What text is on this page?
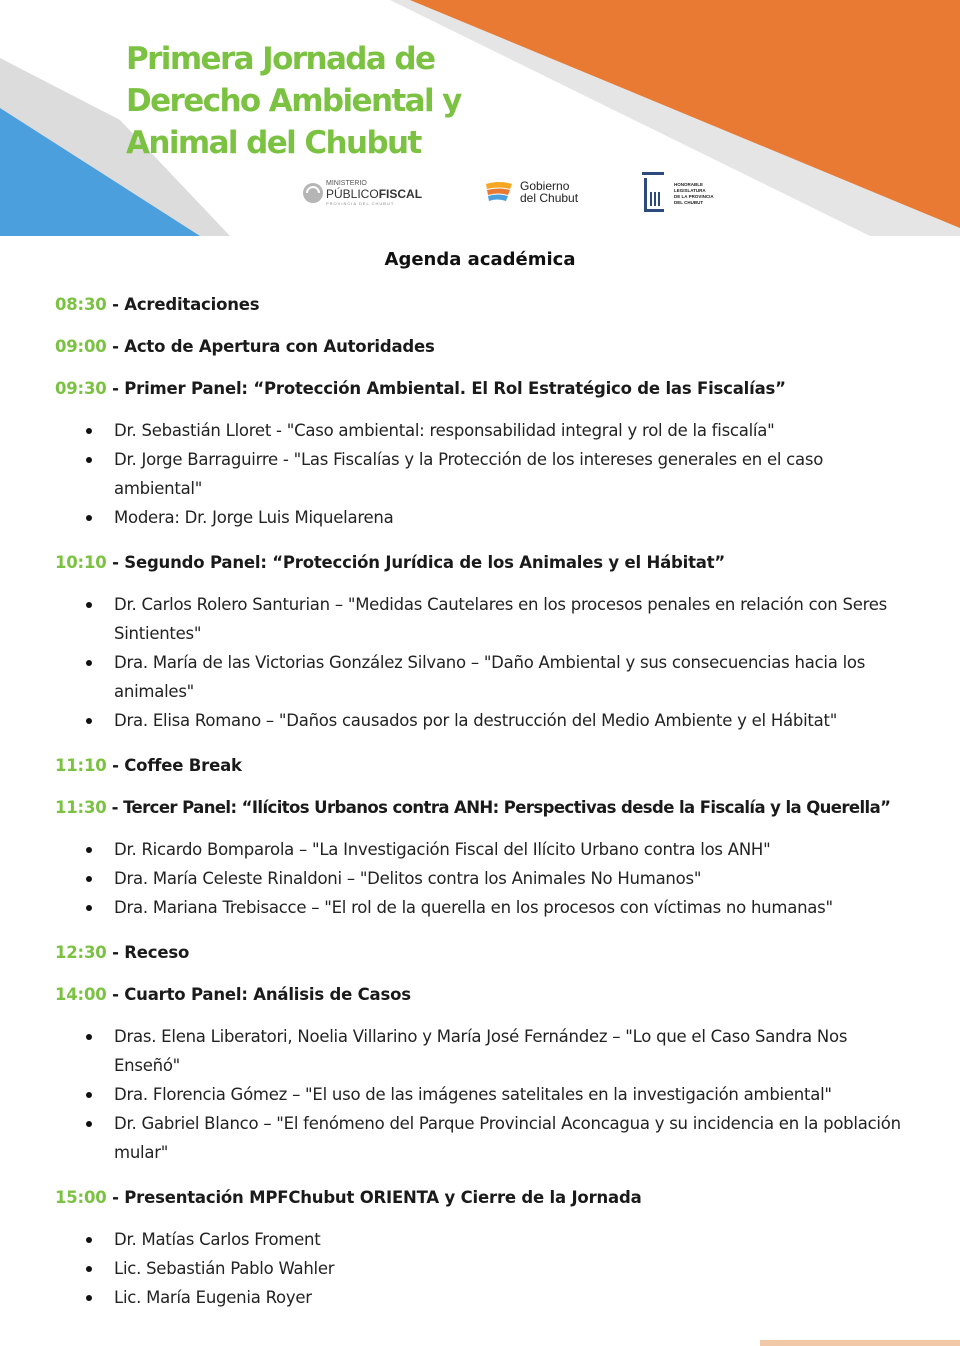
Primera Jornada de
Derecho Ambiental y
Animal del Chubut
MINISTERIO
PÚBLICOFISCAL
PROVINCIA DEL CHUBUT
Gobierno
del Chubut
HONORABLE
LEGISLATURA
DE LA PROVINCIA
DEL CHUBUT
Agenda académica

08:30 - Acreditaciones

09:00 - Acto de Apertura con Autoridades

09:30 - Primer Panel: “Protección Ambiental. El Rol Estratégico de las Fiscalías”

Dr. Sebastián Lloret - "Caso ambiental: responsabilidad integral y rol de la fiscalía"
Dr. Jorge Barraguirre - "Las Fiscalías y la Protección de los intereses generales en el caso ambiental"
Modera: Dr. Jorge Luis Miquelarena

10:10 - Segundo Panel: “Protección Jurídica de los Animales y el Hábitat”

Dr. Carlos Rolero Santurian – "Medidas Cautelares en los procesos penales en relación con Seres Sintientes"
Dra. María de las Victorias González Silvano – "Daño Ambiental y sus consecuencias hacia los animales"
Dra. Elisa Romano – "Daños causados por la destrucción del Medio Ambiente y el Hábitat"

11:10 - Coffee Break

11:30 - Tercer Panel: “Ilícitos Urbanos contra ANH: Perspectivas desde la Fiscalía y la Querella”

Dr. Ricardo Bomparola – "La Investigación Fiscal del Ilícito Urbano contra los ANH"
Dra. María Celeste Rinaldoni – "Delitos contra los Animales No Humanos"
Dra. Mariana Trebisacce – "El rol de la querella en los procesos con víctimas no humanas"

12:30 - Receso

14:00 - Cuarto Panel: Análisis de Casos

Dras. Elena Liberatori, Noelia Villarino y María José Fernández – "Lo que el Caso Sandra Nos Enseñó"
Dra. Florencia Gómez – "El uso de las imágenes satelitales en la investigación ambiental"
Dr. Gabriel Blanco – "El fenómeno del Parque Provincial Aconcagua y su incidencia en la población mular"

15:00 - Presentación MPFChubut ORIENTA y Cierre de la Jornada

Dr. Matías Carlos Froment
Lic. Sebastián Pablo Wahler
Lic. María Eugenia Royer
